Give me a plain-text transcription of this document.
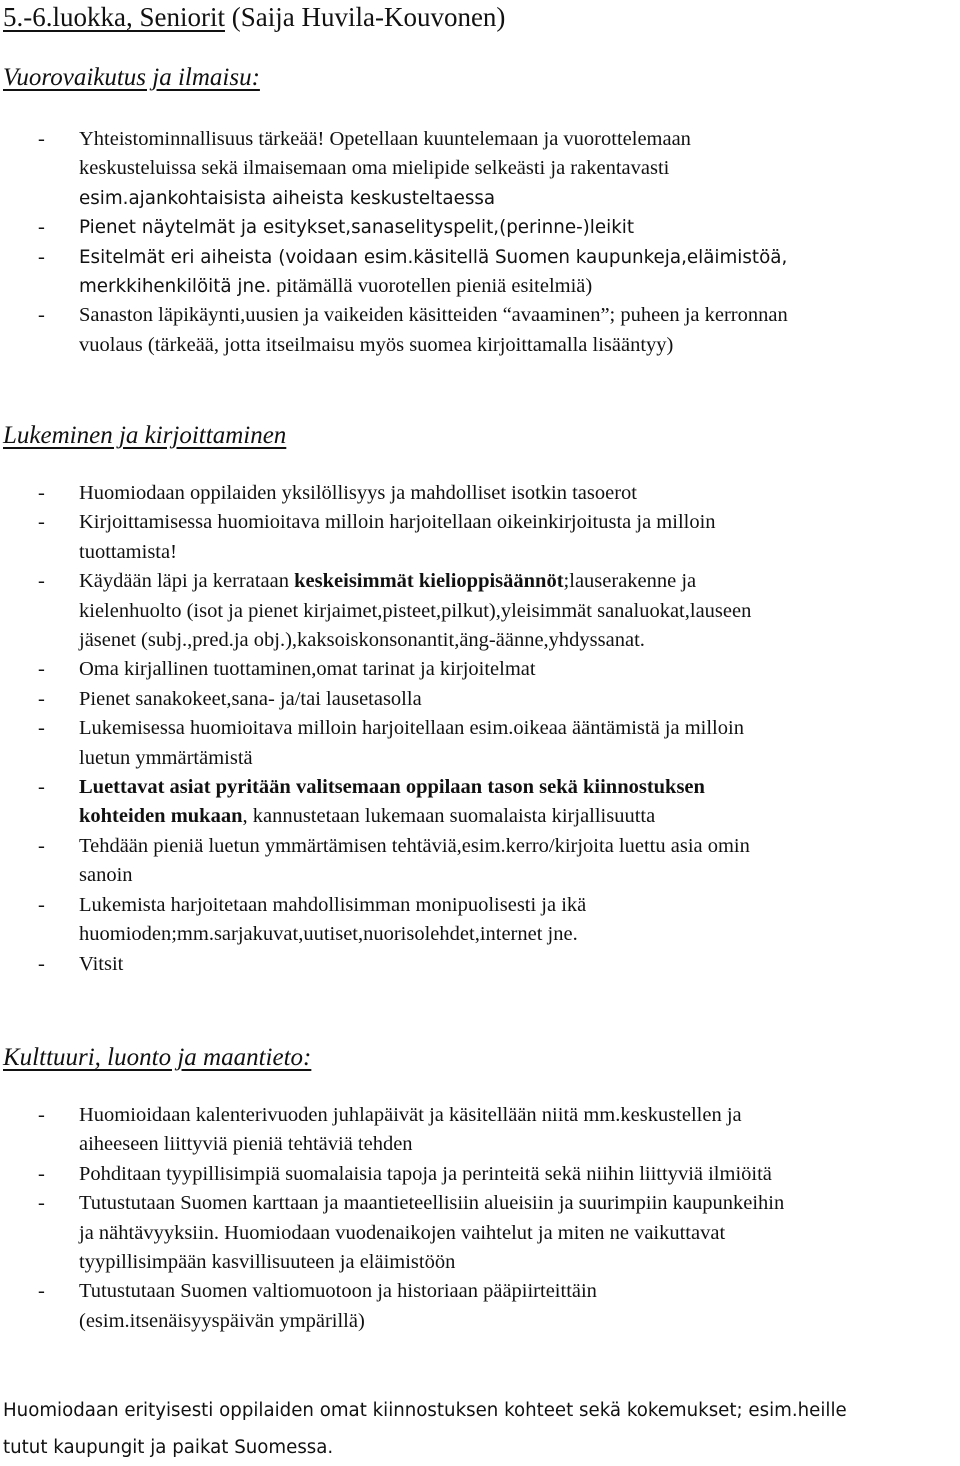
5.-6.luokka, Seniorit (Saija Huvila-Kouvonen)
Vuorovaikutus ja ilmaisu:
- Yhteistominnallisuus tärkeää! Opetellaan kuuntelemaan ja vuorottelemaan
keskusteluissa sekä ilmaisemaan oma mielipide selkeästi ja rakentavasti
esim.ajankohtaisista aiheista keskusteltaessa
- Pienet näytelmät ja esitykset,sanaselityspelit,(perinne-)leikit
- Esitelmät eri aiheista (voidaan esim.käsitellä Suomen kaupunkeja,eläimistöä,
merkkihenkilöitä jne. pitämällä vuorotellen pieniä esitelmiä)
- Sanaston läpikäynti,uusien ja vaikeiden käsitteiden “avaaminen”; puheen ja kerronnan
vuolaus (tärkeää, jotta itseilmaisu myös suomea kirjoittamalla lisääntyy)
Lukeminen ja kirjoittaminen
- Huomiodaan oppilaiden yksilöllisyys ja mahdolliset isotkin tasoerot
- Kirjoittamisessa huomioitava milloin harjoitellaan oikeinkirjoitusta ja milloin
tuottamista!
- Käydään läpi ja kerrataan keskeisimmät kielioppisäännöt;lauserakenne ja
kielenhuolto (isot ja pienet kirjaimet,pisteet,pilkut),yleisimmät sanaluokat,lauseen
jäsenet (subj.,pred.ja obj.),kaksoiskonsonantit,äng-äänne,yhdyssanat.
- Oma kirjallinen tuottaminen,omat tarinat ja kirjoitelmat
- Pienet sanakokeet,sana- ja/tai lausetasolla
- Lukemisessa huomioitava milloin harjoitellaan esim.oikeaa ääntämistä ja milloin
luetun ymmärtämistä
- Luettavat asiat pyritään valitsemaan oppilaan tason sekä kiinnostuksen
kohteiden mukaan, kannustetaan lukemaan suomalaista kirjallisuutta
- Tehdään pieniä luetun ymmärtämisen tehtäviä,esim.kerro/kirjoita luettu asia omin
sanoin
- Lukemista harjoitetaan mahdollisimman monipuolisesti ja ikä
huomioden;mm.sarjakuvat,uutiset,nuorisolehdet,internet jne.
- Vitsit
Kulttuuri, luonto ja maantieto:
- Huomioidaan kalenterivuoden juhlapäivät ja käsitellään niitä mm.keskustellen ja
aiheeseen liittyviä pieniä tehtäviä tehden
- Pohditaan tyypillisimpiä suomalaisia tapoja ja perinteitä sekä niihin liittyviä ilmiöitä
- Tutustutaan Suomen karttaan ja maantieteellisiin alueisiin ja suurimpiin kaupunkeihin
ja nähtävyyksiin. Huomiodaan vuodenaikojen vaihtelut ja miten ne vaikuttavat
tyypillisimpään kasvillisuuteen ja eläimistöön
- Tutustutaan Suomen valtiomuotoon ja historiaan pääpiirteittäin
(esim.itsenäisyyspäivän ympärillä)
Huomiodaan erityisesti oppilaiden omat kiinnostuksen kohteet sekä kokemukset; esim.heille
tutut kaupungit ja paikat Suomessa.
